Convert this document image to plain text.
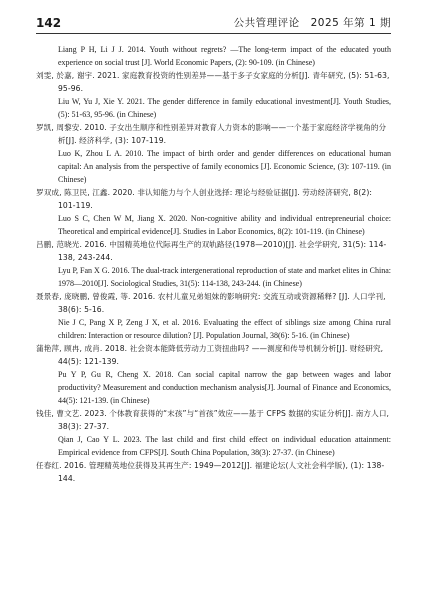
142	公共管理评论　2025 年第 1 期

Liang P H, Li J J. 2014. Youth without regrets? —The long-term impact of the educated youth experience on social trust [J]. World Economic Papers, (2): 90-109. (in Chinese)

刘雯, 於嘉, 谢宇. 2021. 家庭教育投资的性别差异——基于多子女家庭的分析[J]. 青年研究, (5): 51-63, 95-96.

Liu W, Yu J, Xie Y. 2021. The gender difference in family educational investment[J]. Youth Studies, (5): 51-63, 95-96. (in Chinese)

罗凯, 周黎安. 2010. 子女出生顺序和性别差异对教育人力资本的影响——一个基于家庭经济学视角的分析[J]. 经济科学, (3): 107-119.

Luo K, Zhou L A. 2010. The impact of birth order and gender differences on educational human capital: An analysis from the perspective of family economics [J]. Economic Science, (3): 107-119. (in Chinese)

罗双成, 陈卫民, 江鑫. 2020. 非认知能力与个人创业选择: 理论与经验证据[J]. 劳动经济研究, 8(2): 101-119.

Luo S C, Chen W M, Jiang X. 2020. Non-cognitive ability and individual entrepreneurial choice: Theoretical and empirical evidence[J]. Studies in Labor Economics, 8(2): 101-119. (in Chinese)

吕鹏, 范晓光. 2016. 中国精英地位代际再生产的双轨路径(1978—2010)[J]. 社会学研究, 31(5): 114-138, 243-244.

Lyu P, Fan X G. 2016. The dual-track intergenerational reproduction of state and market elites in China: 1978—2010[J]. Sociological Studies, 31(5): 114-138, 243-244. (in Chinese)

聂景春, 庞晓鹏, 曾俊霞, 等. 2016. 农村儿童兄弟姐妹的影响研究: 交流互动或资源稀释? [J]. 人口学刊, 38(6): 5-16.

Nie J C, Pang X P, Zeng J X, et al. 2016. Evaluating the effect of siblings size among China rural children: Interaction or resource dilution? [J]. Population Journal, 38(6): 5-16. (in Chinese)

蒲艳萍, 顾冉, 成肖. 2018. 社会资本能降低劳动力工资扭曲吗? ——测度和传导机制分析[J]. 财经研究, 44(5): 121-139.

Pu Y P, Gu R, Cheng X. 2018. Can social capital narrow the gap between wages and labor productivity? Measurement and conduction mechanism analysis[J]. Journal of Finance and Economics, 44(5): 121-139. (in Chinese)

钱佳, 曹文艺. 2023. 个体教育获得的“末孩”与“首孩”效应——基于 CFPS 数据的实证分析[J]. 南方人口, 38(3): 27-37.

Qian J, Cao Y L. 2023. The last child and first child effect on individual education attainment: Empirical evidence from CFPS[J]. South China Population, 38(3): 27-37. (in Chinese)

任春红. 2016. 管理精英地位获得及其再生产: 1949—2012[J]. 福建论坛(人文社会科学版), (1): 138-144.
